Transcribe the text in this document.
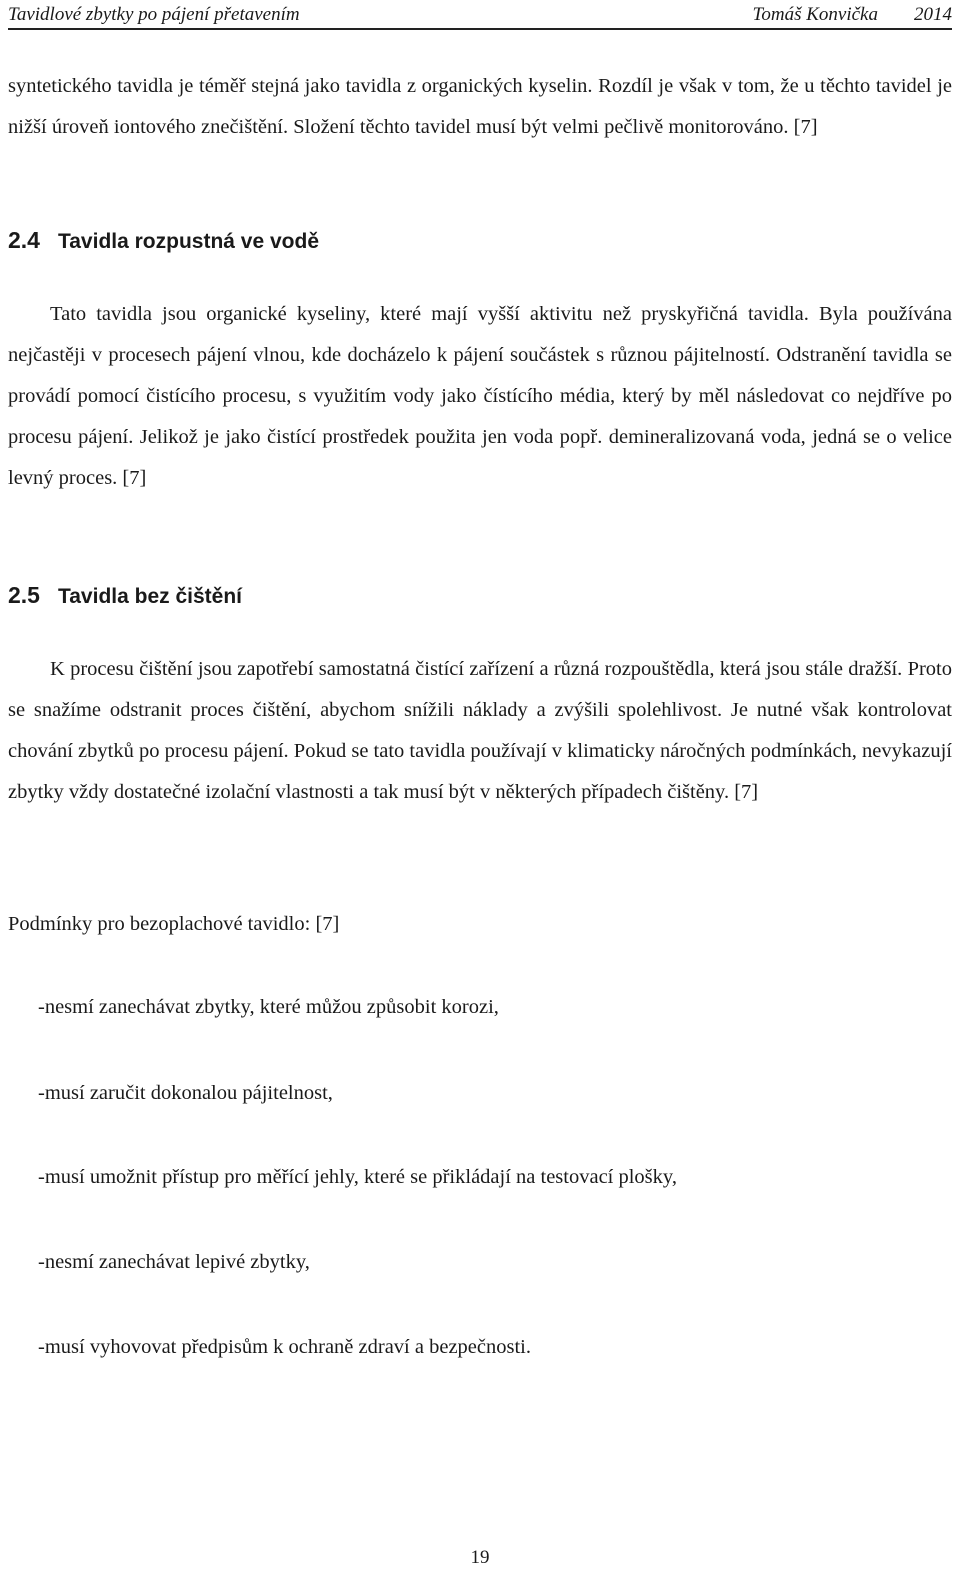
Tavidlové zbytky po pájení přetavením	Tomáš Konvička 2014

syntetického tavidla je téměř stejná jako tavidla z organických kyselin. Rozdíl je však v tom, že u těchto tavidel je nižší úroveň iontového znečištění. Složení těchto tavidel musí být velmi pečlivě monitorováno. [7]

2.4 Tavidla rozpustná ve vodě

Tato tavidla jsou organické kyseliny, které mají vyšší aktivitu než pryskyřičná tavidla. Byla používána nejčastěji v procesech pájení vlnou, kde docházelo k pájení součástek s různou pájitelností. Odstranění tavidla se provádí pomocí čistícího procesu, s využitím vody jako čístícího média, který by měl následovat co nejdříve po procesu pájení. Jelikož je jako čistící prostředek použita jen voda popř. demineralizovaná voda, jedná se o velice levný proces. [7]

2.5 Tavidla bez čištění

K procesu čištění jsou zapotřebí samostatná čistící zařízení a různá rozpouštědla, která jsou stále dražší. Proto se snažíme odstranit proces čištění, abychom snížili náklady a zvýšili spolehlivost. Je nutné však kontrolovat chování zbytků po procesu pájení. Pokud se tato tavidla používají v klimaticky náročných podmínkách, nevykazují zbytky vždy dostatečné izolační vlastnosti a tak musí být v některých případech čištěny. [7]

Podmínky pro bezoplachové tavidlo: [7]

-nesmí zanechávat zbytky, které můžou způsobit korozi,

-musí zaručit dokonalou pájitelnost,

-musí umožnit přístup pro měřící jehly, které se přikládají na testovací plošky,

-nesmí zanechávat lepivé zbytky,

-musí vyhovovat předpisům k ochraně zdraví a bezpečnosti.

19
